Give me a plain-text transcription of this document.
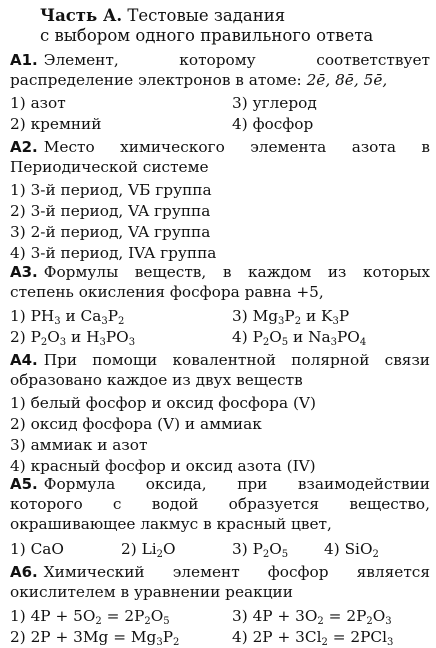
Часть А. Тестовые задания
с выбором одного правильного ответа

А1. Элемент, которому соответствует распределение электронов в атоме: 2ē, 8ē, 5ē,

1) азот	3) углерод
2) кремний	4) фосфор

А2. Место химического элемента азота в Периодической системе

1) 3-й период, VБ группа
2) 3-й период, VA группа
3) 2-й период, VA группа
4) 3-й период, IVA группа

А3. Формулы веществ, в каждом из которых степень окисления фосфора равна +5,

1) $PH_3$ и $Ca_3P_2$	3) $Mg_3P_2$ и $K_3P$
2) $P_2O_3$ и $H_3PO_3$	4) $P_2O_5$ и $Na_3PO_4$

А4. При помощи ковалентной полярной связи образовано каждое из двух веществ

1) белый фосфор и оксид фосфора (V)
2) оксид фосфора (V) и аммиак
3) аммиак и азот
4) красный фосфор и оксид азота (IV)

А5. Формула оксида, при взаимодействии которого с водой образуется вещество, окрашивающее лакмус в красный цвет,

1) CaO	2) $Li_2O$	3) $P_2O_5$ 4) SiO$_2$

А6. Химический элемент фосфор является окислителем в уравнении реакции

1) $4P + 5O_2 = 2P_2O_5$	3) $4P + 3O_2 = 2P_2O_3$
2) $2P + 3Mg = Mg_3P_2$	4) $2P + 3Cl_2 = 2PCl_3$
